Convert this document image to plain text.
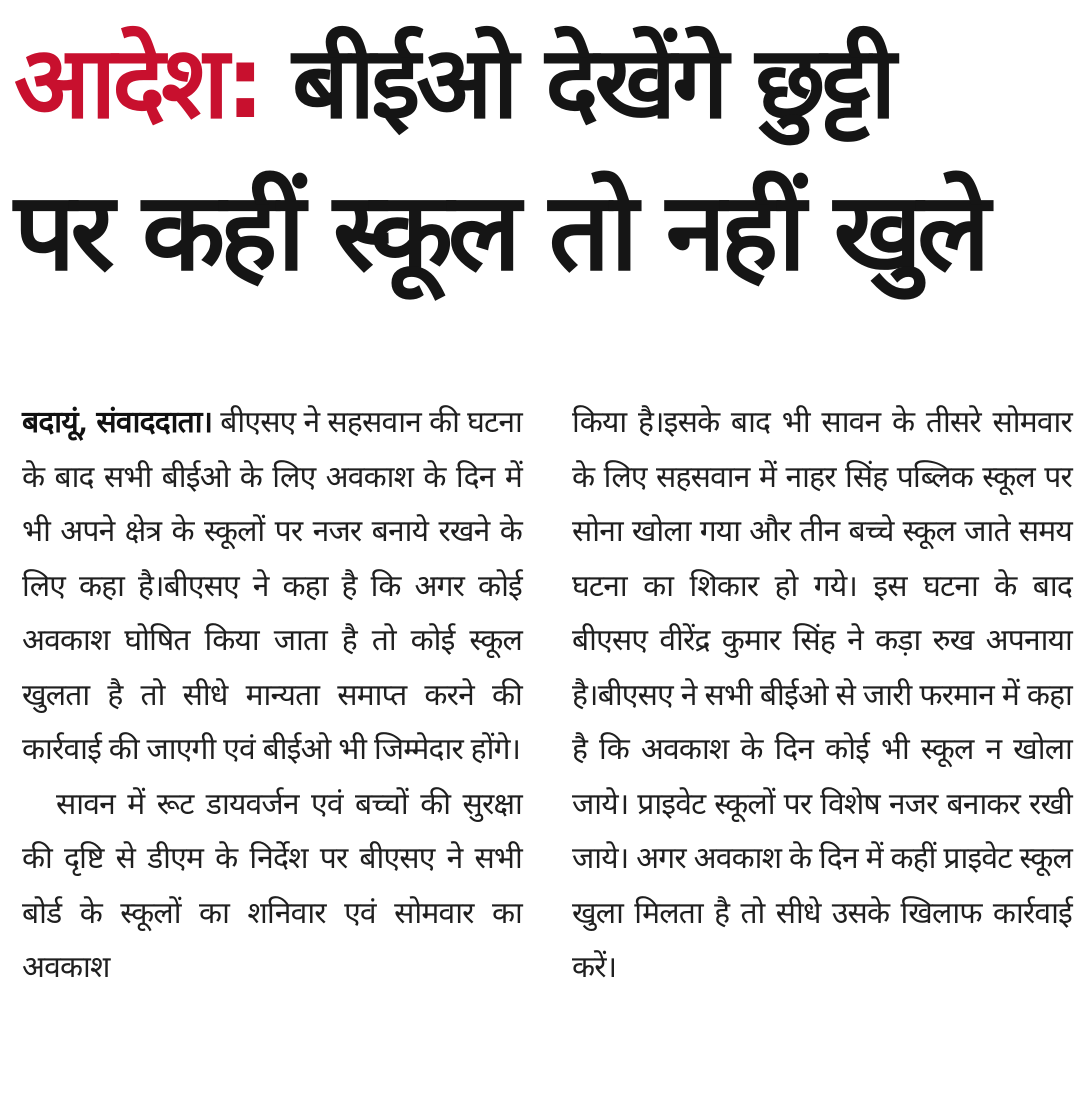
आदेश: बीईओ देखेंगे छुट्टी
पर कहीं स्कूल तो नहीं खुले

बदायूं, संवाददाता। बीएसए ने सहसवान की घटना के बाद सभी बीईओ के लिए अवकाश के दिन में भी अपने क्षेत्र के स्कूलों पर नजर बनाये रखने के लिए कहा है।बीएसए ने कहा है कि अगर कोई अवकाश घोषित किया जाता है तो कोई स्कूल खुलता है तो सीधे मान्यता समाप्त करने की कार्रवाई की जाएगी एवं बीईओ भी जिम्मेदार होंगे।

सावन में रूट डायवर्जन एवं बच्चों की सुरक्षा की दृष्टि से डीएम के निर्देश पर बीएसए ने सभी बोर्ड के स्कूलों का शनिवार एवं सोमवार का अवकाश

किया है।इसके बाद भी सावन के तीसरे सोमवार के लिए सहसवान में नाहर सिंह पब्लिक स्कूल पर सोना खोला गया और तीन बच्चे स्कूल जाते समय घटना का शिकार हो गये। इस घटना के बाद बीएसए वीरेंद्र कुमार सिंह ने कड़ा रुख अपनाया है।बीएसए ने सभी बीईओ से जारी फरमान में कहा है कि अवकाश के दिन कोई भी स्कूल न खोला जाये। प्राइवेट स्कूलों पर विशेष नजर बनाकर रखी जाये। अगर अवकाश के दिन में कहीं प्राइवेट स्कूल खुला मिलता है तो सीधे उसके खिलाफ कार्रवाई करें।
